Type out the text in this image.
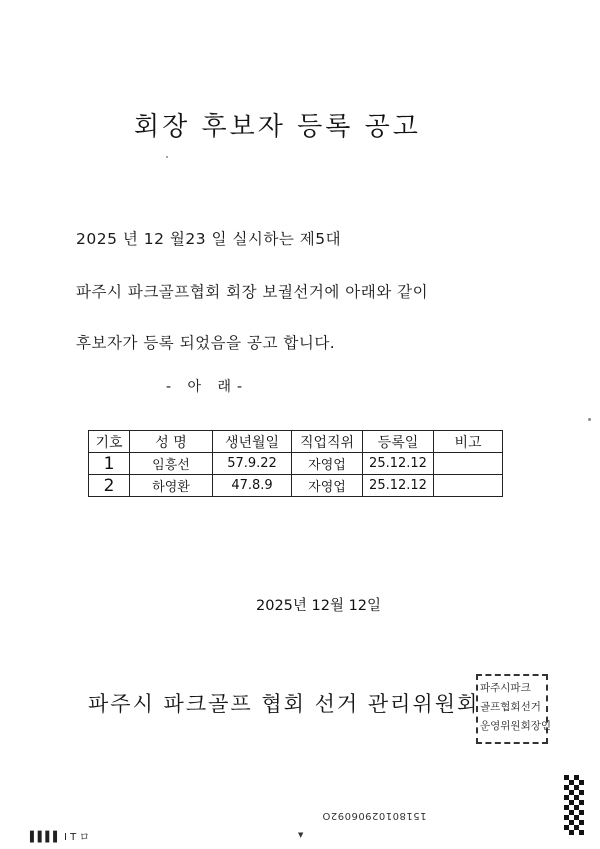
회장 후보자 등록 공고
2025 년 12 월23 일 실시하는 제5대
파주시 파크골프협회 회장 보궐선거에 아래와 같이
후보자가 등록 되었음을 공고 합니다.
- 아 래-
기호	성 명	생년월일	직업직위	등록일	비고
1	임흥선	57.9.22	자영업	25.12.12	
2	하영환	47.8.9	자영업	25.12.12	
2025년 12월 12일
파주시 파크골프 협회 선거 관리위원회
파주시파크
골프협회선거
운영위원회장인
15180102906092O
▌▌▌▌ I T ロ	▼
